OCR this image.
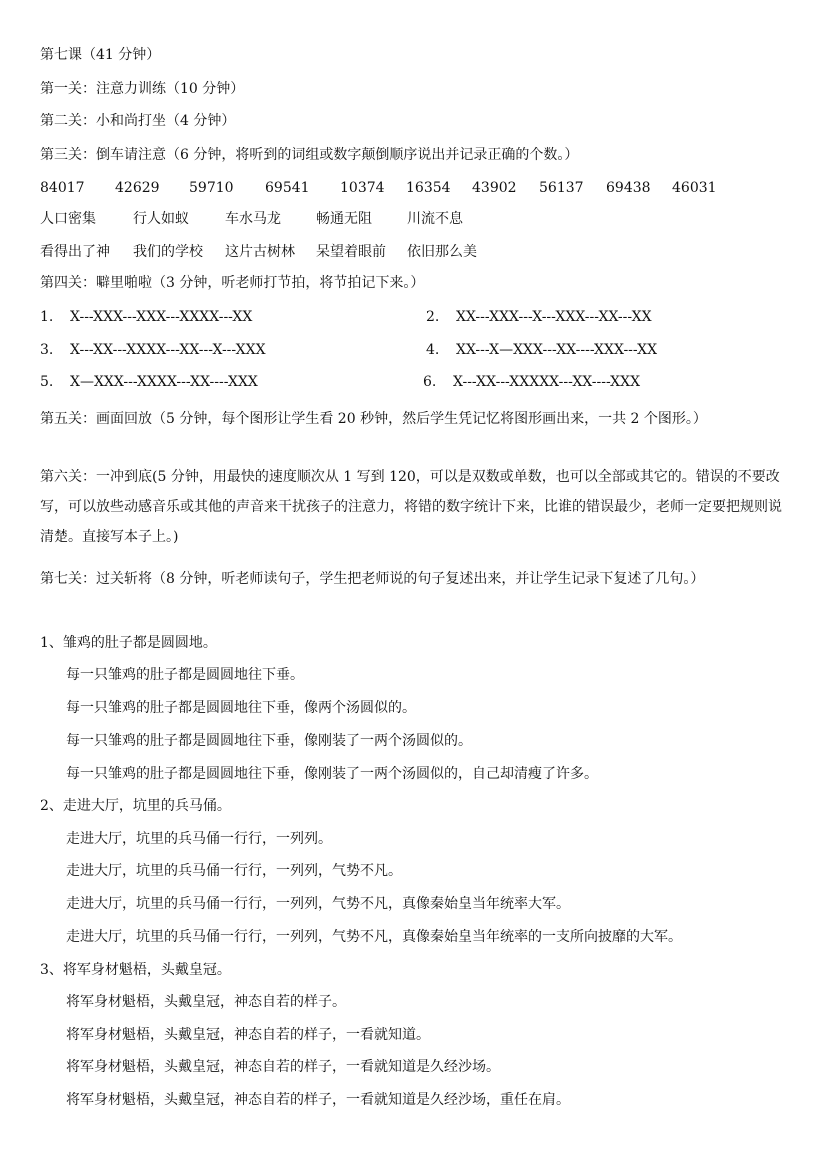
第七课（41 分钟）
第一关：注意力训练（10 分钟）
第二关：小和尚打坐（4 分钟）
第三关：倒车请注意（6 分钟，将听到的词组或数字颠倒顺序说出并记录正确的个数。）
84017 42629 59710 69541 10374 16354 43902 56137 69438 46031
人口密集	行人如蚁	车水马龙	畅通无阻	川流不息
看得出了神 我们的学校 这片古树林 呆望着眼前 依旧那么美
第四关：噼里啪啦（3 分钟，听老师打节拍，将节拍记下来。）
1. X---XXX---XXX---XXXX---XX	2. XX---XXX---X---XXX---XX---XX
3. X---XX---XXXX---XX---X---XXX	4. XX---X—XXX---XX----XXX---XX
5. X—XXX---XXXX---XX----XXX	6. X---XX---XXXXX---XX----XXX
第五关：画面回放（5 分钟，每个图形让学生看 20 秒钟，然后学生凭记忆将图形画出来，一共 2 个图形。）
第六关：一冲到底(5 分钟，用最快的速度顺次从 1 写到 120，可以是双数或单数，也可以全部或其它的。错误的不要改写，可以放些动感音乐或其他的声音来干扰孩子的注意力，将错的数字统计下来，比谁的错误最少，老师一定要把规则说清楚。直接写本子上。)
第七关：过关斩将（8 分钟，听老师读句子，学生把老师说的句子复述出来，并让学生记录下复述了几句。）
1、雏鸡的肚子都是圆圆地。
每一只雏鸡的肚子都是圆圆地往下垂。
每一只雏鸡的肚子都是圆圆地往下垂，像两个汤圆似的。
每一只雏鸡的肚子都是圆圆地往下垂，像刚装了一两个汤圆似的。
每一只雏鸡的肚子都是圆圆地往下垂，像刚装了一两个汤圆似的，自己却清瘦了许多。
2、走进大厅，坑里的兵马俑。
走进大厅，坑里的兵马俑一行行，一列列。
走进大厅，坑里的兵马俑一行行，一列列，气势不凡。
走进大厅，坑里的兵马俑一行行，一列列，气势不凡，真像秦始皇当年统率大军。
走进大厅，坑里的兵马俑一行行，一列列，气势不凡，真像秦始皇当年统率的一支所向披靡的大军。
3、将军身材魁梧，头戴皇冠。
将军身材魁梧，头戴皇冠，神态自若的样子。
将军身材魁梧，头戴皇冠，神态自若的样子，一看就知道。
将军身材魁梧，头戴皇冠，神态自若的样子，一看就知道是久经沙场。
将军身材魁梧，头戴皇冠，神态自若的样子，一看就知道是久经沙场，重任在肩。
